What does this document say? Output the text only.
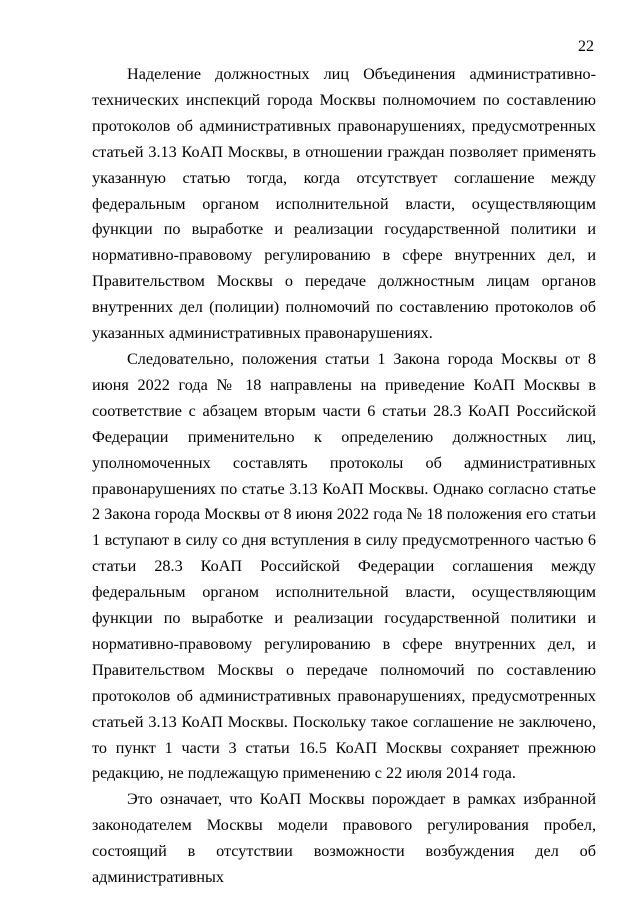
22

Наделение должностных лиц Объединения административно-технических инспекций города Москвы полномочием по составлению протоколов об административных правонарушениях, предусмотренных статьей 3.13 КоАП Москвы, в отношении граждан позволяет применять указанную статью тогда, когда отсутствует соглашение между федеральным органом исполнительной власти, осуществляющим функции по выработке и реализации государственной политики и нормативно-правовому регулированию в сфере внутренних дел, и Правительством Москвы о передаче должностным лицам органов внутренних дел (полиции) полномочий по составлению протоколов об указанных административных правонарушениях.

Следовательно, положения статьи 1 Закона города Москвы от 8 июня 2022 года № 18 направлены на приведение КоАП Москвы в соответствие с абзацем вторым части 6 статьи 28.3 КоАП Российской Федерации применительно к определению должностных лиц, уполномоченных составлять протоколы об административных правонарушениях по статье 3.13 КоАП Москвы. Однако согласно статье 2 Закона города Москвы от 8 июня 2022 года № 18 положения его статьи 1 вступают в силу со дня вступления в силу предусмотренного частью 6 статьи 28.3 КоАП Российской Федерации соглашения между федеральным органом исполнительной власти, осуществляющим функции по выработке и реализации государственной политики и нормативно-правовому регулированию в сфере внутренних дел, и Правительством Москвы о передаче полномочий по составлению протоколов об административных правонарушениях, предусмотренных статьей 3.13 КоАП Москвы. Поскольку такое соглашение не заключено, то пункт 1 части 3 статьи 16.5 КоАП Москвы сохраняет прежнюю редакцию, не подлежащую применению с 22 июля 2014 года.

Это означает, что КоАП Москвы порождает в рамках избранной законодателем Москвы модели правового регулирования пробел, состоящий в отсутствии возможности возбуждения дел об административных
